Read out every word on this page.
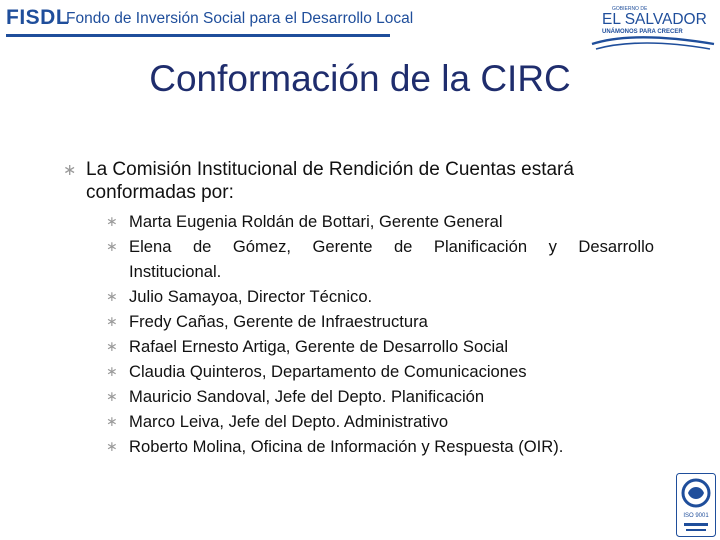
FISDL
Fondo de Inversión Social para el Desarrollo Local
GOBIERNO DE
EL SALVADOR
UNÁMONOS PARA CRECER
Conformación de la CIRC
∗ La Comisión Institucional de Rendición de Cuentas estará conformadas por:
∗ Marta Eugenia Roldán de Bottari, Gerente General
∗ Elena de Gómez, Gerente de Planificación y Desarrollo
Institucional.
∗ Julio Samayoa, Director Técnico.
∗ Fredy Cañas, Gerente de Infraestructura
∗ Rafael Ernesto Artiga, Gerente de Desarrollo Social
∗ Claudia Quinteros, Departamento de Comunicaciones
∗ Mauricio Sandoval, Jefe del Depto. Planificación
∗ Marco Leiva, Jefe del Depto. Administrativo
∗ Roberto Molina, Oficina de Información y Respuesta (OIR).
ISO 9001
